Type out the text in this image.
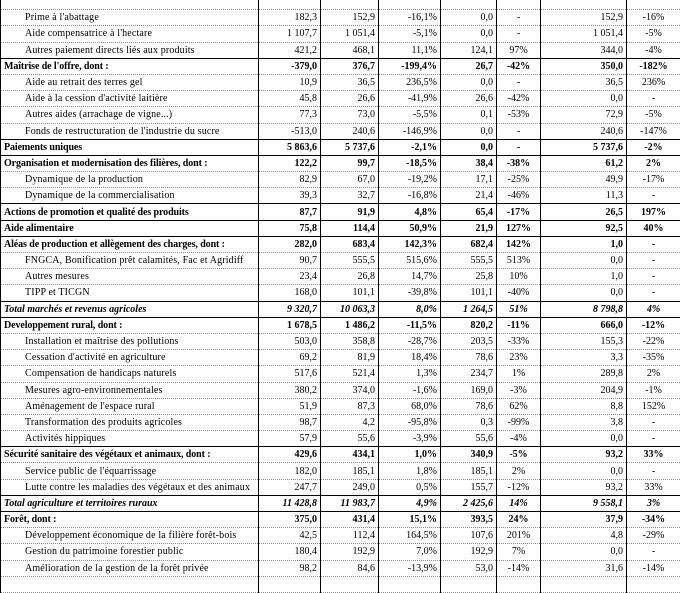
Prime à l'abattage	182,3	152,9	-16,1%	0,0	-	152,9	-16%
Aide compensatrice à l'hectare	1 107,7	1 051,4	-5,1%	0,0	-	1 051,4	-5%
Autres paiement directs liés aux produits	421,2	468,1	11,1%	124,1	97%	344,0	-4%
Maîtrise de l'offre, dont :	-379,0	376,7	-199,4%	26,7	-42%	350,0	-182%
Aide au retrait des terres gel	10,9	36,5	236,5%	0,0	-	36,5	236%
Aide à la cession d'activité laitière	45,8	26,6	-41,9%	26,6	-42%	0,0	-
Autres aides (arrachage de vigne...)	77,3	73,0	-5,5%	0,1	-53%	72,9	-5%
Fonds de restructuration de l'industrie du sucre	-513,0	240,6	-146,9%	0,0	-	240,6	-147%
Paiements uniques	5 863,6	5 737,6	-2,1%	0,0	-	5 737,6	-2%
Organisation et modernisation des filières, dont :	122,2	99,7	-18,5%	38,4	-38%	61,2	2%
Dynamique de la production	82,9	67,0	-19,2%	17,1	-25%	49,9	-17%
Dynamique de la commercialisation	39,3	32,7	-16,8%	21,4	-46%	11,3	-
Actions de promotion et qualité des produits	87,7	91,9	4,8%	65,4	-17%	26,5	197%
Aide alimentaire	75,8	114,4	50,9%	21,9	127%	92,5	40%
Aléas de production et allègement des charges, dont :	282,0	683,4	142,3%	682,4	142%	1,0	-
FNGCA, Bonification prêt calamités, Fac et Agridiff	90,7	555,5	515,6%	555,5	513%	0,0	-
Autres mesures	23,4	26,8	14,7%	25,8	10%	1,0	-
TIPP et TICGN	168,0	101,1	-39,8%	101,1	-40%	0,0	-
Total marchés et revenus agricoles	9 320,7	10 063,3	8,0%	1 264,5	51%	8 798,8	4%
Developpement rural, dont :	1 678,5	1 486,2	-11,5%	820,2	-11%	666,0	-12%
Installation et maîtrise des pollutions	503,0	358,8	-28,7%	203,5	-33%	155,3	-22%
Cessation d'activité en agriculture	69,2	81,9	18,4%	78,6	23%	3,3	-35%
Compensation de handicaps naturels	517,6	521,4	1,3%	234,7	1%	289,8	2%
Mesures agro-environnementales	380,2	374,0	-1,6%	169,0	-3%	204,9	-1%
Aménagement de l'espace rural	51,9	87,3	68,0%	78,6	62%	8,8	152%
Transformation des produits agricoles	98,7	4,2	-95,8%	0,3	-99%	3,8	-
Activités hippiques	57,9	55,6	-3,9%	55,6	-4%	0,0	-
Sécurité sanitaire des végétaux et animaux, dont :	429,6	434,1	1,0%	340,9	-5%	93,2	33%
Service public de l'équarrissage	182,0	185,1	1,8%	185,1	2%	0,0	-
Lutte contre les maladies des végétaux et des animaux	247,7	249,0	0,5%	155,7	-12%	93,2	33%
Total agriculture et territoires ruraux	11 428,8	11 983,7	4,9%	2 425,6	14%	9 558,1	3%
Forêt, dont :	375,0	431,4	15,1%	393,5	24%	37,9	-34%
Développement économique de la filière forêt-bois	42,5	112,4	164,5%	107,6	201%	4,8	-29%
Gestion du patrimoine forestier public	180,4	192,9	7,0%	192,9	7%	0,0	-
Amélioration de la gestion de la forêt privée	98,2	84,6	-13,9%	53,0	-14%	31,6	-14%
